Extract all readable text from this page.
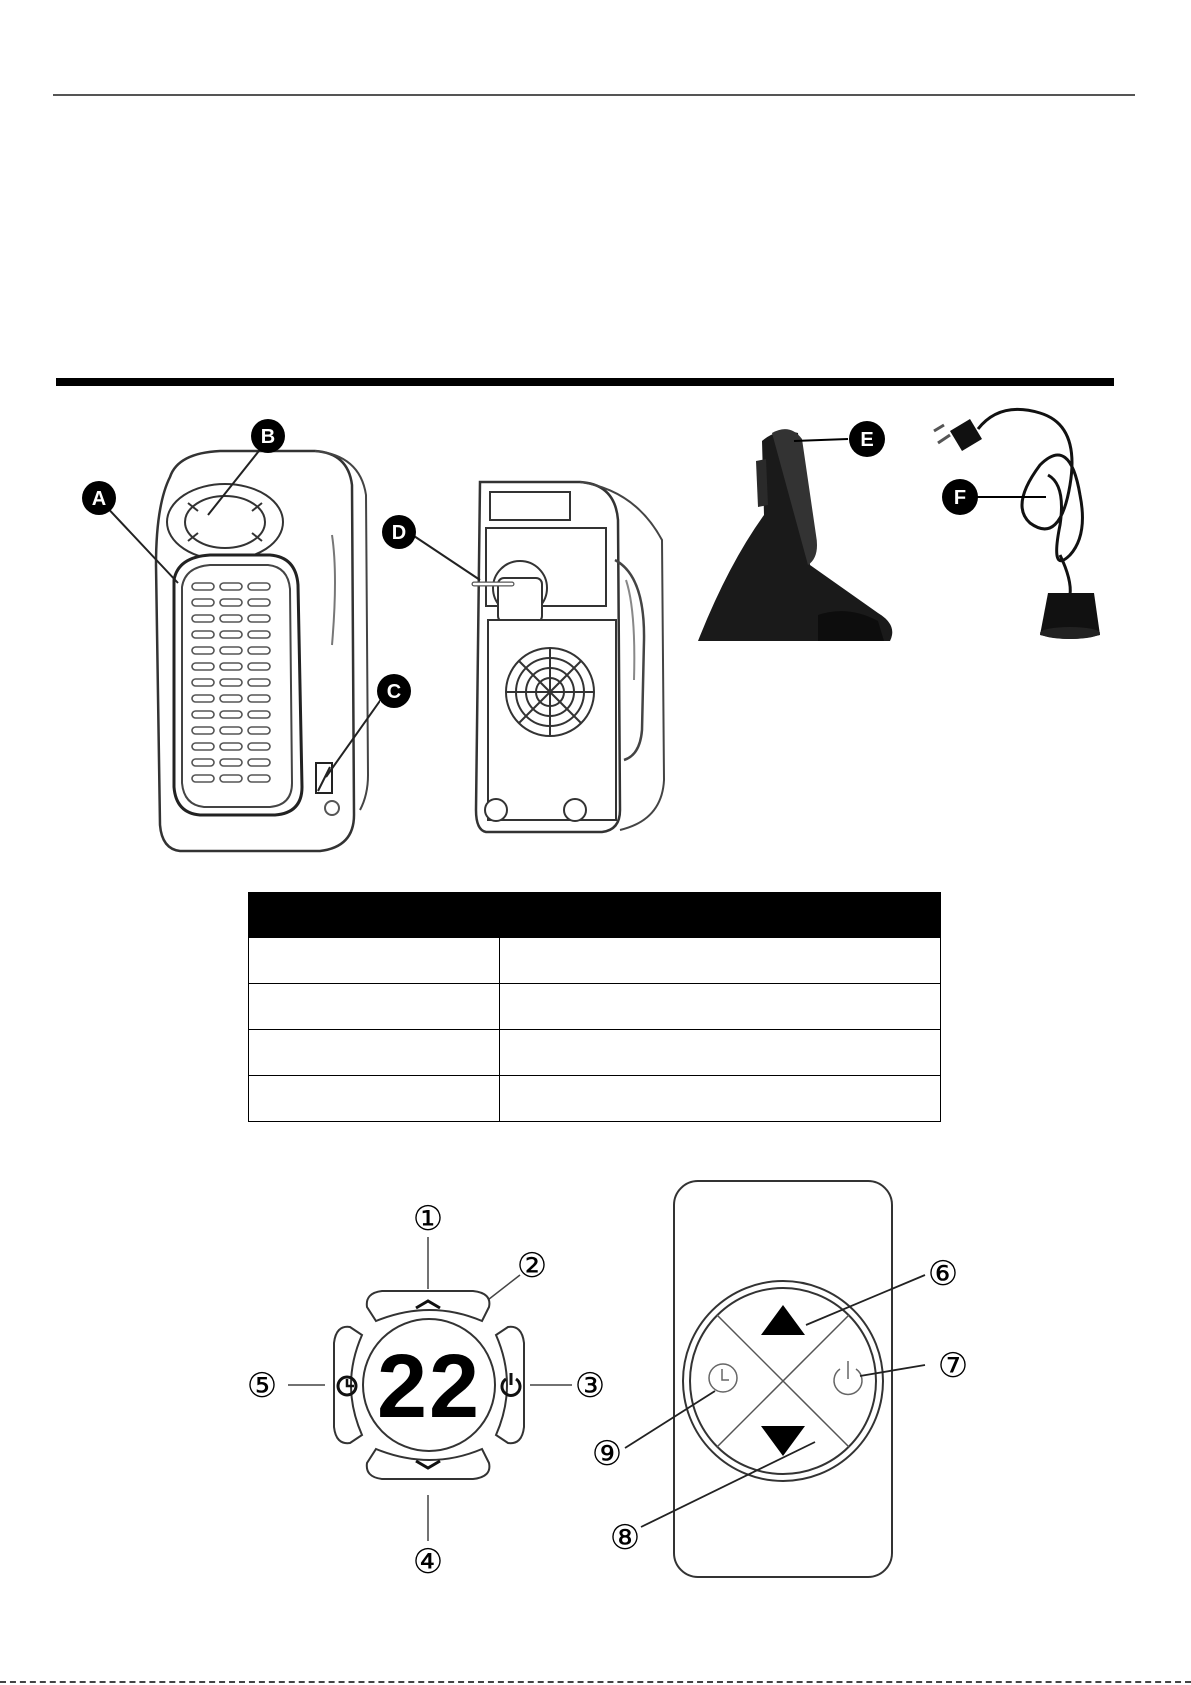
A
B
C
D
E
F

22
①
②
③
④
⑤
⑥
⑦
⑧
⑨
